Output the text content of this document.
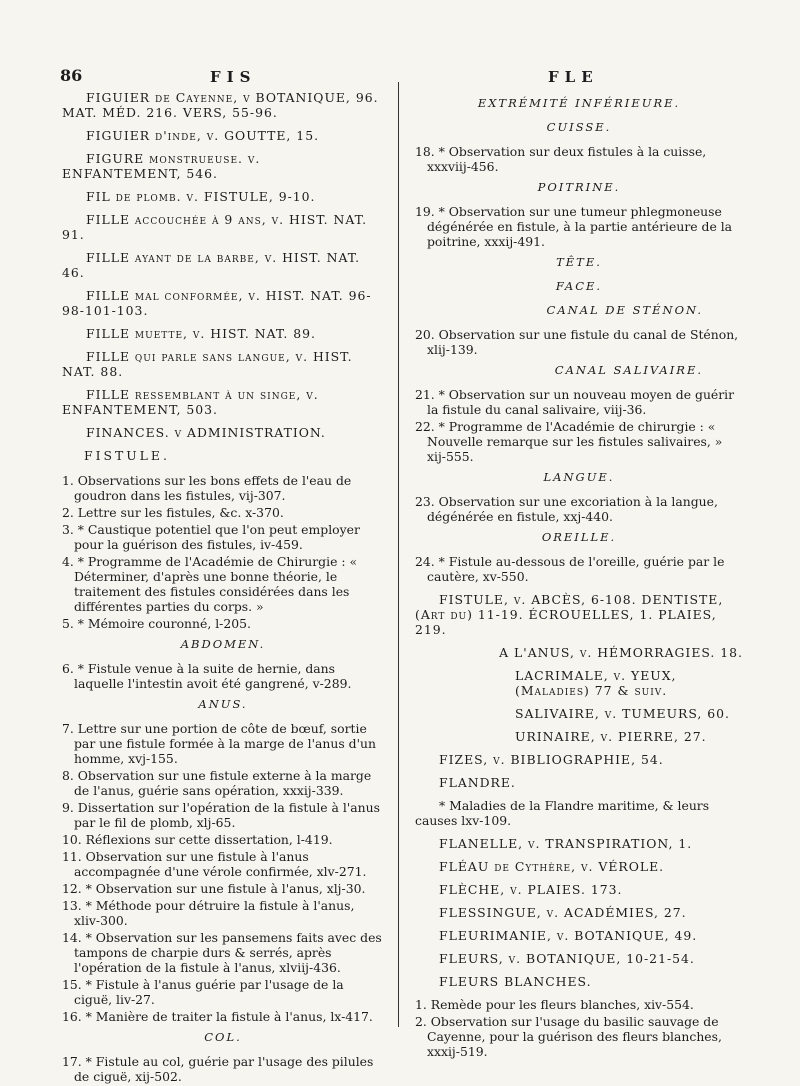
86	FIS	FLE
FIGUIER de Cayenne, v BOTANIQUE, 96. MAT. MÉD. 216. VERS, 55-96.
FIGUIER d'inde, v. GOUTTE, 15.
FIGURE monstrueuse. v. ENFANTEMENT, 546.
FIL de plomb. v. FISTULE, 9-10.
FILLE accouchée à 9 ans, v. HIST. NAT. 91.
FILLE ayant de la barbe, v. HIST. NAT. 46.
FILLE mal conformée, v. HIST. NAT. 96-98-101-103.
FILLE muette, v. HIST. NAT. 89.
FILLE qui parle sans langue, v. HIST. NAT. 88.
FILLE ressemblant à un singe, v. ENFANTEMENT, 503.
FINANCES. v ADMINISTRATION.
FISTULE.
1. Observations sur les bons effets de l'eau de goudron dans les fistules, vij-307.
2. Lettre sur les fistules, &c. x-370.
3. * Caustique potentiel que l'on peut employer pour la guérison des fistules, iv-459.
4. * Programme de l'Académie de Chirurgie : « Déterminer, d'après une bonne théorie, le traitement des fistules considérées dans les différentes parties du corps. »
5. * Mémoire couronné, l-205.
ABDOMEN.
6. * Fistule venue à la suite de hernie, dans laquelle l'intestin avoit été gangrené, v-289.
ANUS.
7. Lettre sur une portion de côte de bœuf, sortie par une fistule formée à la marge de l'anus d'un homme, xvj-155.
8. Observation sur une fistule externe à la marge de l'anus, guérie sans opération, xxxij-339.
9. Dissertation sur l'opération de la fistule à l'anus par le fil de plomb, xlj-65.
10. Réflexions sur cette dissertation, l-419.
11. Observation sur une fistule à l'anus accompagnée d'une vérole confirmée, xlv-271.
12. * Observation sur une fistule à l'anus, xlj-30.
13. * Méthode pour détruire la fistule à l'anus, xliv-300.
14. * Observation sur les pansemens faits avec des tampons de charpie durs & serrés, après l'opération de la fistule à l'anus, xlviij-436.
15. * Fistule à l'anus guérie par l'usage de la ciguë, liv-27.
16. * Manière de traiter la fistule à l'anus, lx-417.
COL.
17. * Fistule au col, guérie par l'usage des pilules de ciguë, xij-502.
EXTRÉMITÉ INFÉRIEURE.
CUISSE.
18. * Observation sur deux fistules à la cuisse, xxxviij-456.
POITRINE.
19. * Observation sur une tumeur phlegmoneuse dégénérée en fistule, à la partie antérieure de la poitrine, xxxij-491.
TÊTE.
FACE.
CANAL DE STÉNON.
20. Observation sur une fistule du canal de Sténon, xlij-139.
CANAL SALIVAIRE.
21. * Observation sur un nouveau moyen de guérir la fistule du canal salivaire, viij-36.
22. * Programme de l'Académie de chirurgie : « Nouvelle remarque sur les fistules salivaires, » xij-555.
LANGUE.
23. Observation sur une excoriation à la langue, dégénérée en fistule, xxj-440.
OREILLE.
24. * Fistule au-dessous de l'oreille, guérie par le cautère, xv-550.
FISTULE, v. ABCÈS, 6-108. DENTISTE, (Art du) 11-19. ÉCROUELLES, 1. PLAIES, 219.
A L'ANUS, v. HÉMORRAGIES. 18.
LACRIMALE, v. YEUX, (Maladies) 77 & suiv.
SALIVAIRE, v. TUMEURS, 60.
URINAIRE, v. PIERRE, 27.
FIZES, v. BIBLIOGRAPHIE, 54.
FLANDRE.
* Maladies de la Flandre maritime, & leurs causes lxv-109.
FLANELLE, v. TRANSPIRATION, 1.
FLÉAU de Cythère, v. VÉROLE.
FLÈCHE, v. PLAIES. 173.
FLESSINGUE, v. ACADÉMIES, 27.
FLEURIMANIE, v. BOTANIQUE, 49.
FLEURS, v. BOTANIQUE, 10-21-54.
FLEURS BLANCHES.
1. Remède pour les fleurs blanches, xiv-554.
2. Observation sur l'usage du basilic sauvage de Cayenne, pour la guérison des fleurs blanches, xxxij-519.
